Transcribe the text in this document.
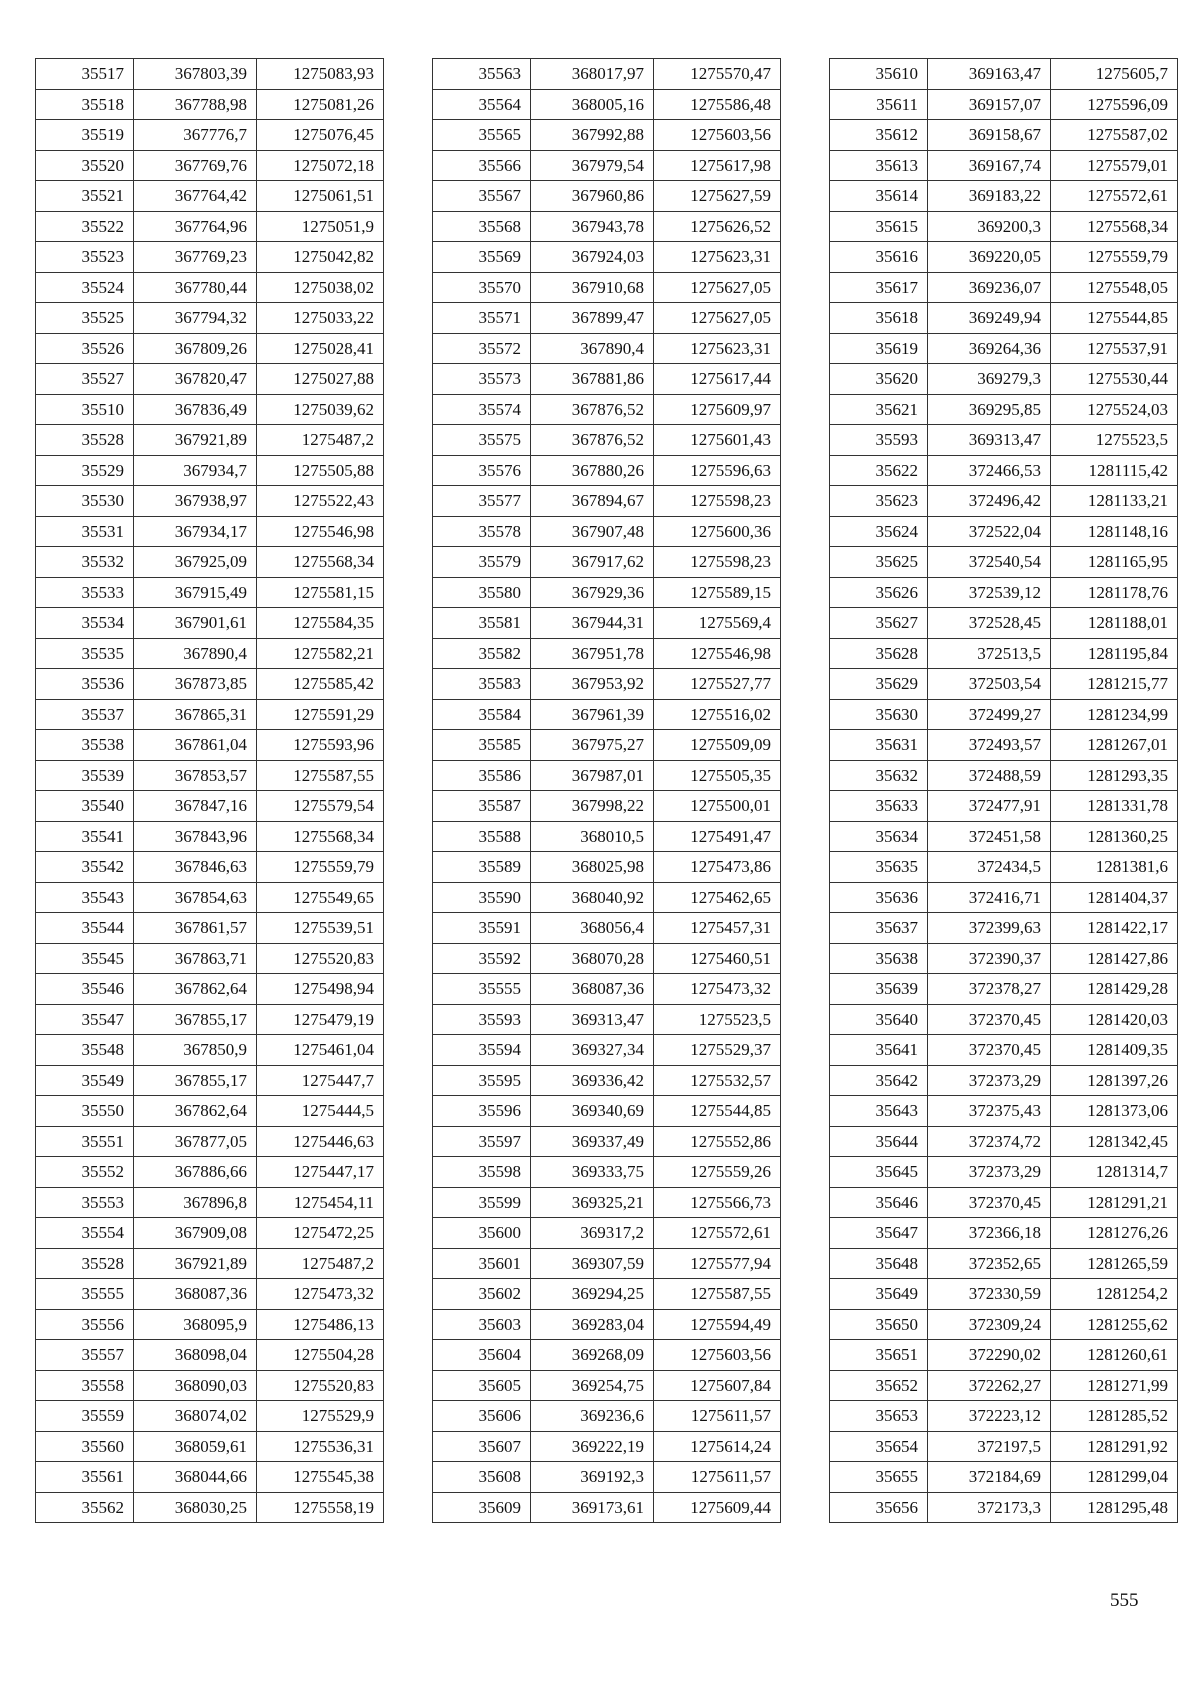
35517	367803,39	1275083,93
35518	367788,98	1275081,26
35519	367776,7	1275076,45
35520	367769,76	1275072,18
35521	367764,42	1275061,51
35522	367764,96	1275051,9
35523	367769,23	1275042,82
35524	367780,44	1275038,02
35525	367794,32	1275033,22
35526	367809,26	1275028,41
35527	367820,47	1275027,88
35510	367836,49	1275039,62
35528	367921,89	1275487,2
35529	367934,7	1275505,88
35530	367938,97	1275522,43
35531	367934,17	1275546,98
35532	367925,09	1275568,34
35533	367915,49	1275581,15
35534	367901,61	1275584,35
35535	367890,4	1275582,21
35536	367873,85	1275585,42
35537	367865,31	1275591,29
35538	367861,04	1275593,96
35539	367853,57	1275587,55
35540	367847,16	1275579,54
35541	367843,96	1275568,34
35542	367846,63	1275559,79
35543	367854,63	1275549,65
35544	367861,57	1275539,51
35545	367863,71	1275520,83
35546	367862,64	1275498,94
35547	367855,17	1275479,19
35548	367850,9	1275461,04
35549	367855,17	1275447,7
35550	367862,64	1275444,5
35551	367877,05	1275446,63
35552	367886,66	1275447,17
35553	367896,8	1275454,11
35554	367909,08	1275472,25
35528	367921,89	1275487,2
35555	368087,36	1275473,32
35556	368095,9	1275486,13
35557	368098,04	1275504,28
35558	368090,03	1275520,83
35559	368074,02	1275529,9
35560	368059,61	1275536,31
35561	368044,66	1275545,38
35562	368030,25	1275558,19
35563	368017,97	1275570,47
35564	368005,16	1275586,48
35565	367992,88	1275603,56
35566	367979,54	1275617,98
35567	367960,86	1275627,59
35568	367943,78	1275626,52
35569	367924,03	1275623,31
35570	367910,68	1275627,05
35571	367899,47	1275627,05
35572	367890,4	1275623,31
35573	367881,86	1275617,44
35574	367876,52	1275609,97
35575	367876,52	1275601,43
35576	367880,26	1275596,63
35577	367894,67	1275598,23
35578	367907,48	1275600,36
35579	367917,62	1275598,23
35580	367929,36	1275589,15
35581	367944,31	1275569,4
35582	367951,78	1275546,98
35583	367953,92	1275527,77
35584	367961,39	1275516,02
35585	367975,27	1275509,09
35586	367987,01	1275505,35
35587	367998,22	1275500,01
35588	368010,5	1275491,47
35589	368025,98	1275473,86
35590	368040,92	1275462,65
35591	368056,4	1275457,31
35592	368070,28	1275460,51
35555	368087,36	1275473,32
35593	369313,47	1275523,5
35594	369327,34	1275529,37
35595	369336,42	1275532,57
35596	369340,69	1275544,85
35597	369337,49	1275552,86
35598	369333,75	1275559,26
35599	369325,21	1275566,73
35600	369317,2	1275572,61
35601	369307,59	1275577,94
35602	369294,25	1275587,55
35603	369283,04	1275594,49
35604	369268,09	1275603,56
35605	369254,75	1275607,84
35606	369236,6	1275611,57
35607	369222,19	1275614,24
35608	369192,3	1275611,57
35609	369173,61	1275609,44
35610	369163,47	1275605,7
35611	369157,07	1275596,09
35612	369158,67	1275587,02
35613	369167,74	1275579,01
35614	369183,22	1275572,61
35615	369200,3	1275568,34
35616	369220,05	1275559,79
35617	369236,07	1275548,05
35618	369249,94	1275544,85
35619	369264,36	1275537,91
35620	369279,3	1275530,44
35621	369295,85	1275524,03
35593	369313,47	1275523,5
35622	372466,53	1281115,42
35623	372496,42	1281133,21
35624	372522,04	1281148,16
35625	372540,54	1281165,95
35626	372539,12	1281178,76
35627	372528,45	1281188,01
35628	372513,5	1281195,84
35629	372503,54	1281215,77
35630	372499,27	1281234,99
35631	372493,57	1281267,01
35632	372488,59	1281293,35
35633	372477,91	1281331,78
35634	372451,58	1281360,25
35635	372434,5	1281381,6
35636	372416,71	1281404,37
35637	372399,63	1281422,17
35638	372390,37	1281427,86
35639	372378,27	1281429,28
35640	372370,45	1281420,03
35641	372370,45	1281409,35
35642	372373,29	1281397,26
35643	372375,43	1281373,06
35644	372374,72	1281342,45
35645	372373,29	1281314,7
35646	372370,45	1281291,21
35647	372366,18	1281276,26
35648	372352,65	1281265,59
35649	372330,59	1281254,2
35650	372309,24	1281255,62
35651	372290,02	1281260,61
35652	372262,27	1281271,99
35653	372223,12	1281285,52
35654	372197,5	1281291,92
35655	372184,69	1281299,04
35656	372173,3	1281295,48
555
